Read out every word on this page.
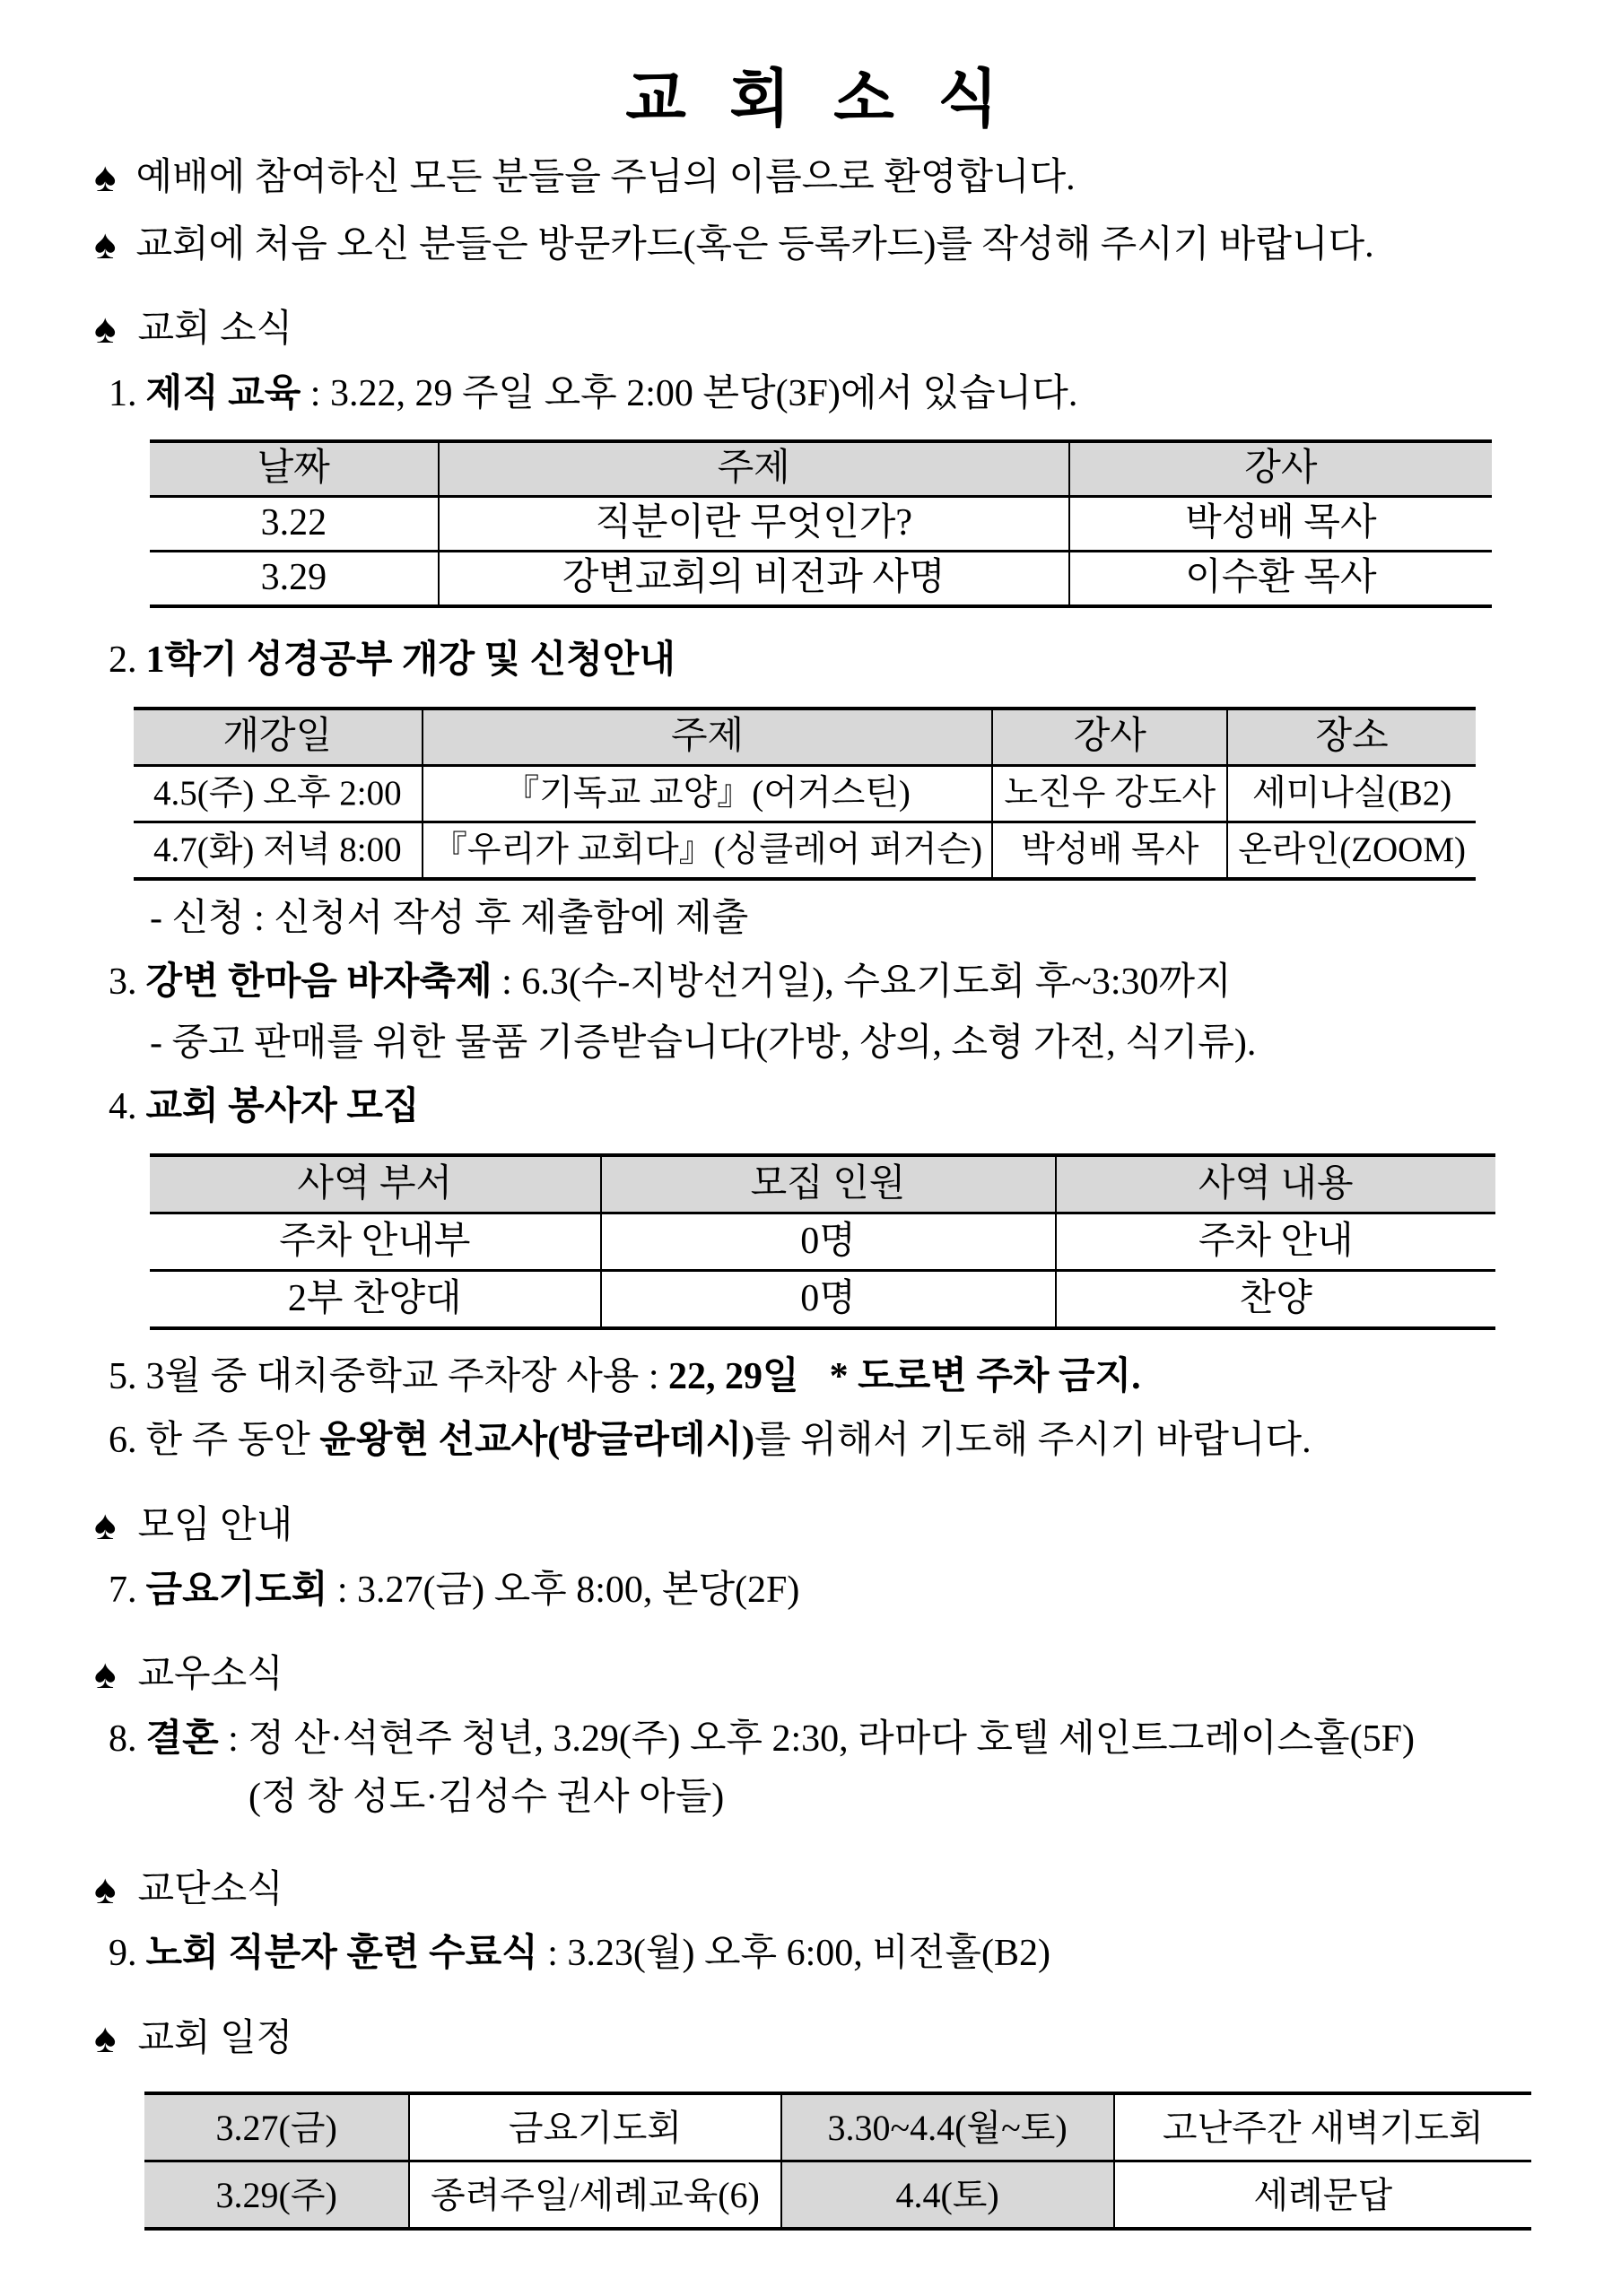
교 회 소 식
♠ 예배에 참여하신 모든 분들을 주님의 이름으로 환영합니다.
♠ 교회에 처음 오신 분들은 방문카드(혹은 등록카드)를 작성해 주시기 바랍니다.
♠ 교회 소식
1. 제직 교육 : 3.22, 29 주일 오후 2:00 본당(3F)에서 있습니다.
날짜	주제	강사
3.22	직분이란 무엇인가?	박성배 목사
3.29	강변교회의 비전과 사명	이수환 목사
2. 1학기 성경공부 개강 및 신청안내
개강일	주제	강사	장소
4.5(주) 오후 2:00	『기독교 교양』(어거스틴)	노진우 강도사	세미나실(B2)
4.7(화) 저녁 8:00	『우리가 교회다』(싱클레어 퍼거슨)	박성배 목사	온라인(ZOOM)
- 신청 : 신청서 작성 후 제출함에 제출
3. 강변 한마음 바자축제 : 6.3(수-지방선거일), 수요기도회 후~3:30까지
- 중고 판매를 위한 물품 기증받습니다(가방, 상의, 소형 가전, 식기류).
4. 교회 봉사자 모집
사역 부서	모집 인원	사역 내용
주차 안내부	0명	주차 안내
2부 찬양대	0명	찬양
5. 3월 중 대치중학교 주차장 사용 : 22, 29일 * 도로변 주차 금지.
6. 한 주 동안 윤왕현 선교사(방글라데시)를 위해서 기도해 주시기 바랍니다.
♠ 모임 안내
7. 금요기도회 : 3.27(금) 오후 8:00, 본당(2F)
♠ 교우소식
8. 결혼 : 정 산·석현주 청년, 3.29(주) 오후 2:30, 라마다 호텔 세인트그레이스홀(5F)
(정 창 성도·김성수 권사 아들)
♠ 교단소식
9. 노회 직분자 훈련 수료식 : 3.23(월) 오후 6:00, 비전홀(B2)
♠ 교회 일정
3.27(금)	금요기도회	3.30~4.4(월~토)	고난주간 새벽기도회
3.29(주)	종려주일/세례교육(6)	4.4(토)	세례문답
